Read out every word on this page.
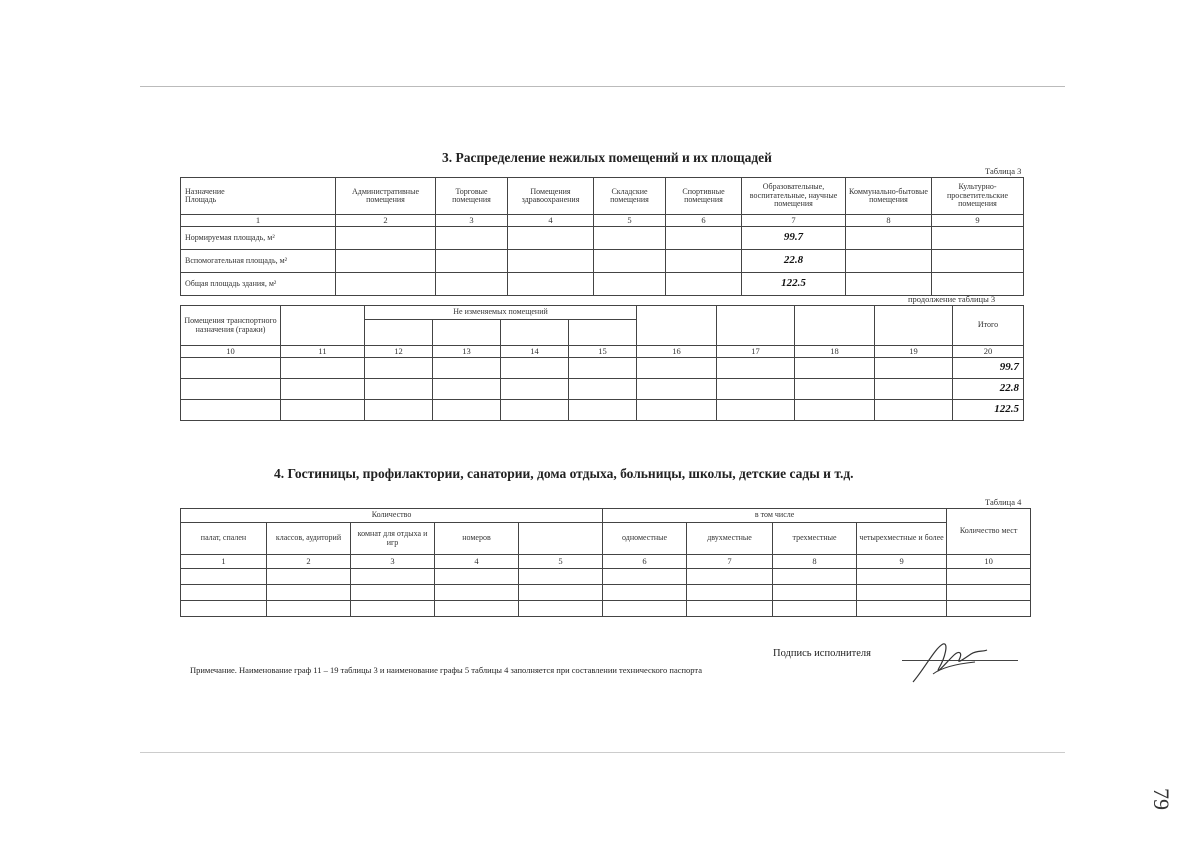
3. Распределение нежилых помещений и их площадей
Таблица 3
Назначение
Площадь	Административные помещения	Торговые помещения	Помещения здравоохранения	Складские помещения	Спортивные помещения	Образовательные, воспитательные, научные помещения	Коммунально-бытовые помещения	Культурно-просветительские помещения
1	2	3	4	5	6	7	8	9
Нормируемая площадь, м²						99.7		
Вспомогательная площадь, м²						22.8		
Общая площадь здания, м²						122.5		
продолжение таблицы 3
Помещения транспортного назначения (гаражи)		Не изменяемых помещений								Итого

10	11	12	13	14	15	16	17	18	19	20
										99.7
										22.8
										122.5
4. Гостиницы, профилактории, санатории, дома отдыха, больницы, школы, детские сады и т.д.
Таблица 4
Количество					в том числе				Количество мест
палат, спален	классов, аудиторий	комнат для отдыха и игр	номеров		одноместные	двухместные	трехместные	четырехместные и более	
1	2	3	4	5	6	7	8	9	10

Подпись исполнителя
Примечание. Наименование граф 11 – 19 таблицы 3 и наименование графы 5 таблицы 4 заполняется при составлении технического паспорта
79
